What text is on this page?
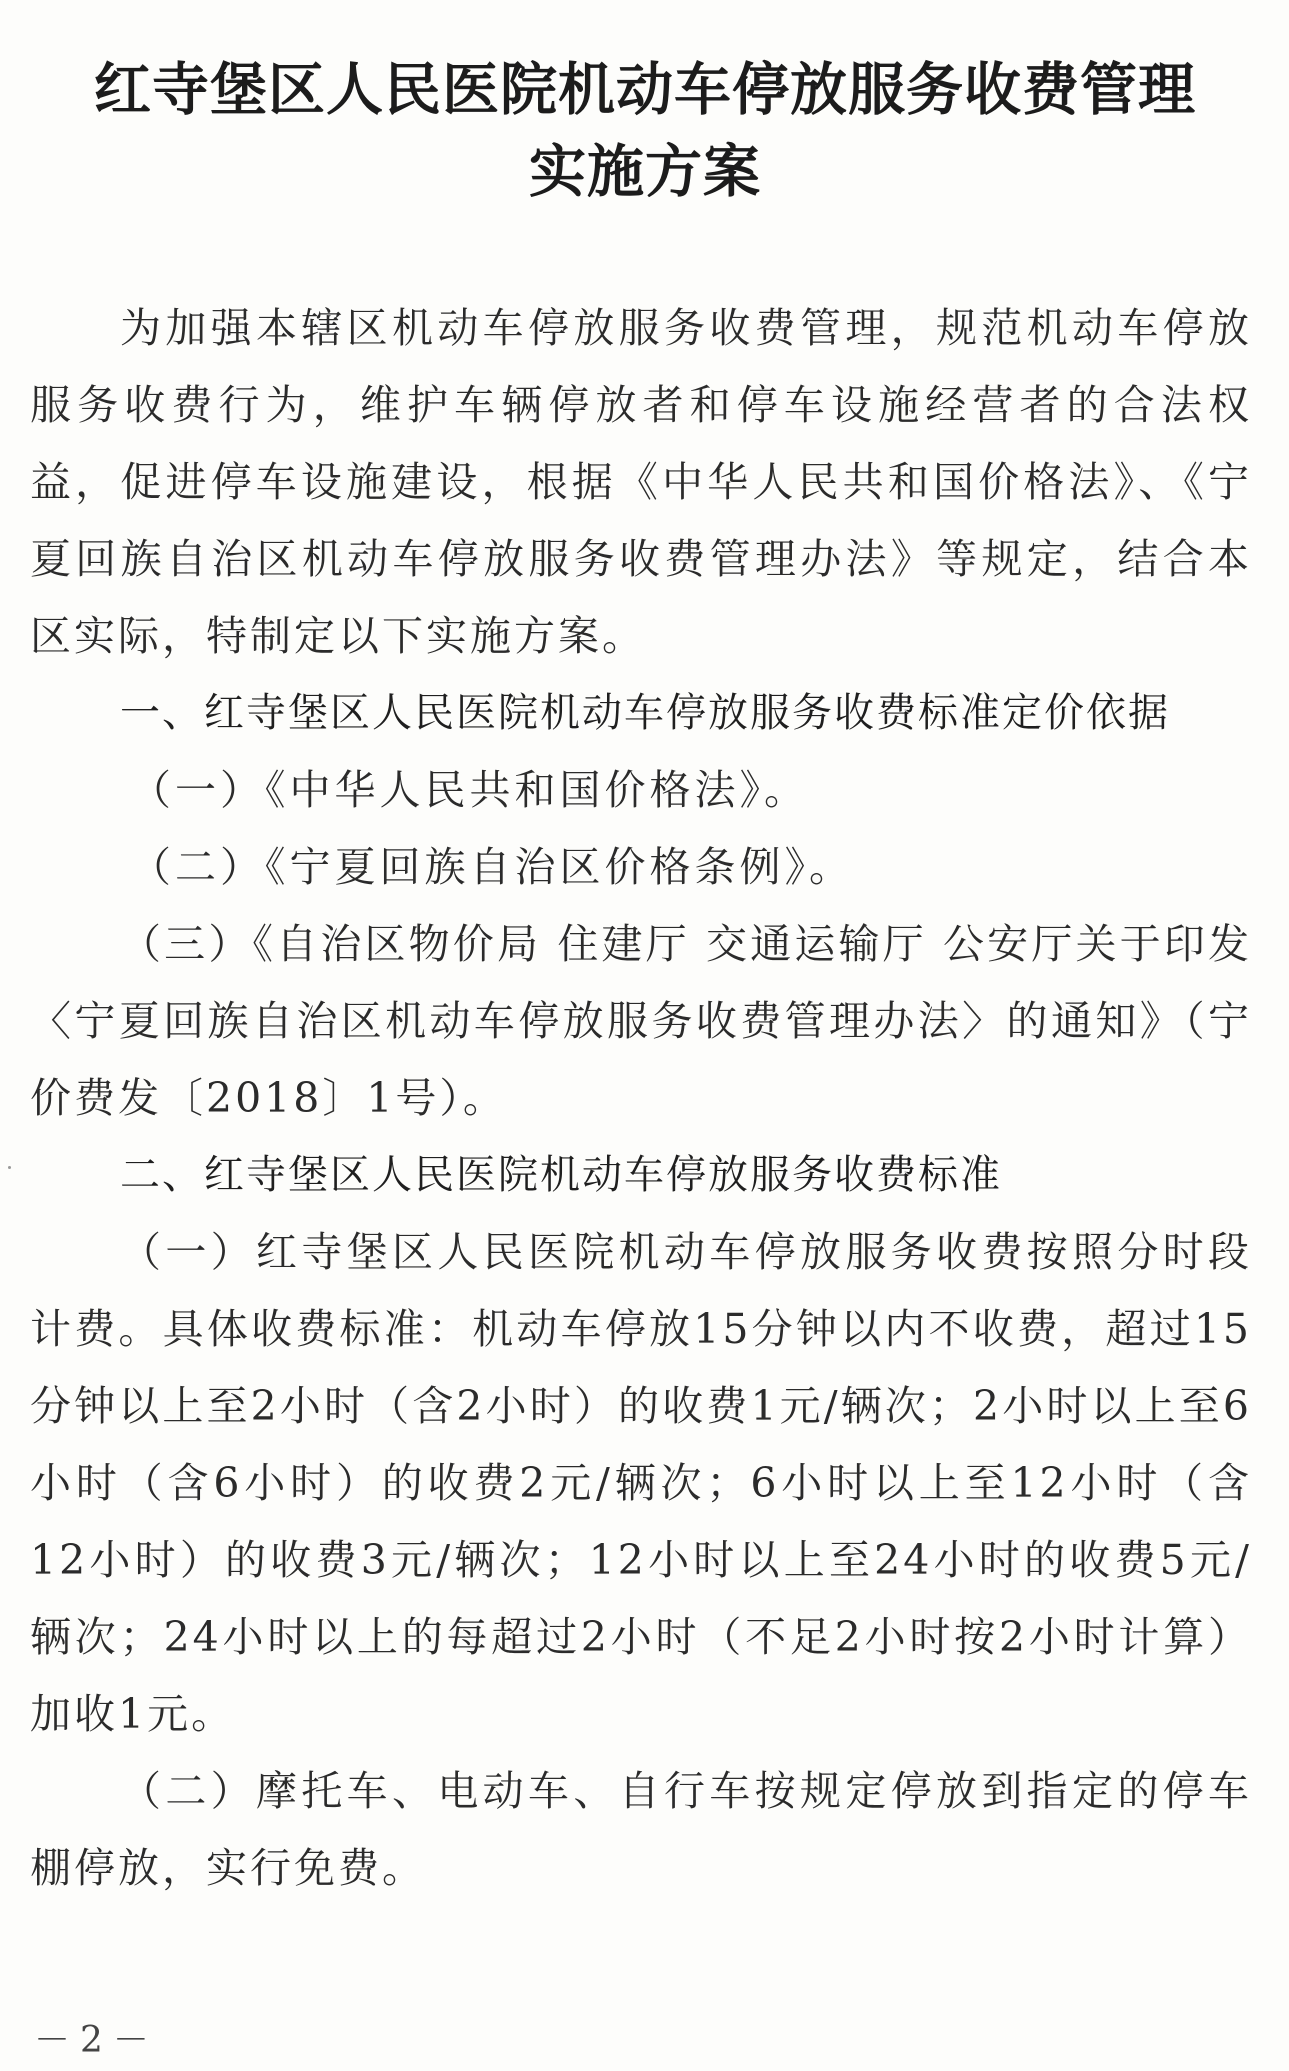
红寺堡区人民医院机动车停放服务收费管理
实施方案
为加强本辖区机动车停放服务收费管理，规范机动车停放服务收费行为，维护车辆停放者和停车设施经营者的合法权益，促进停车设施建设，根据《中华人民共和国价格法》、《宁夏回族自治区机动车停放服务收费管理办法》等规定，结合本区实际，特制定以下实施方案。
一、红寺堡区人民医院机动车停放服务收费标准定价依据
（一）《中华人民共和国价格法》。
（二）《宁夏回族自治区价格条例》。
（三）《自治区物价局 住建厅 交通运输厅 公安厅关于印发〈宁夏回族自治区机动车停放服务收费管理办法〉的通知》（宁价费发〔2018〕1号）。
二、红寺堡区人民医院机动车停放服务收费标准
（一）红寺堡区人民医院机动车停放服务收费按照分时段计费。具体收费标准：机动车停放15分钟以内不收费，超过15分钟以上至2小时（含2小时）的收费1元/辆次；2小时以上至6小时（含6小时）的收费2元/辆次；6小时以上至12小时（含12小时）的收费3元/辆次；12小时以上至24小时的收费5元/辆次；24小时以上的每超过2小时（不足2小时按2小时计算）加收1元。
（二）摩托车、电动车、自行车按规定停放到指定的停车棚停放，实行免费。
－2－
